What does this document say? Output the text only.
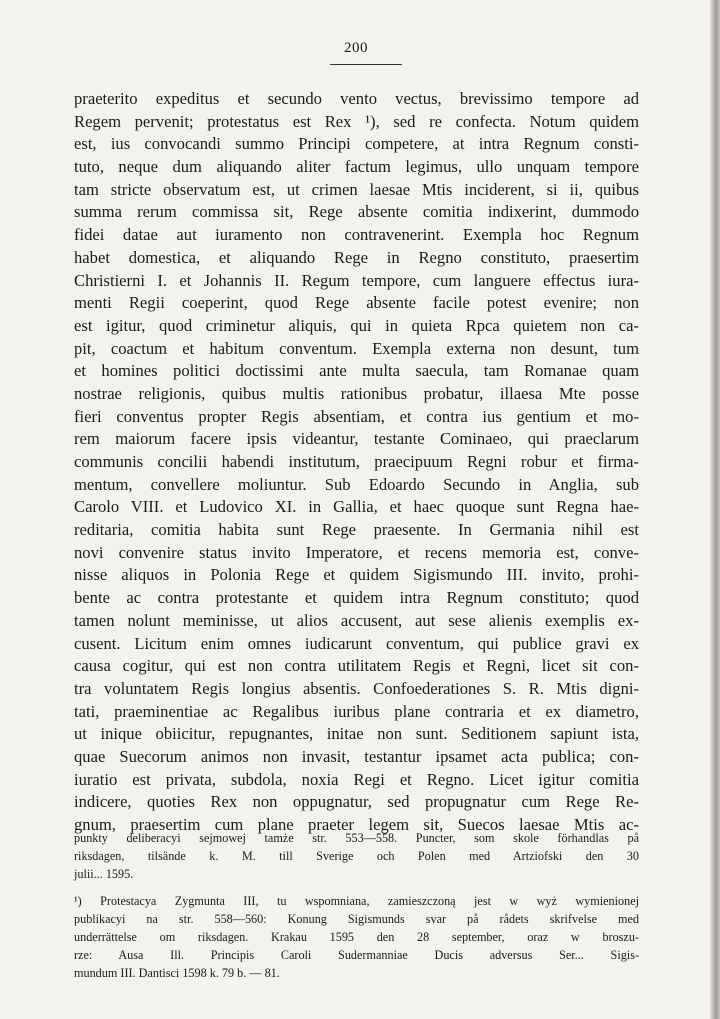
200
praeterito expeditus et secundo vento vectus, brevissimo tempore ad
Regem pervenit; protestatus est Rex ¹), sed re confecta. Notum quidem
est, ius convocandi summo Principi competere, at intra Regnum consti-
tuto, neque dum aliquando aliter factum legimus, ullo unquam tempore
tam stricte observatum est, ut crimen laesae Mtis inciderent, si ii, quibus
summa rerum commissa sit, Rege absente comitia indixerint, dummodo
fidei datae aut iuramento non contravenerint. Exempla hoc Regnum
habet domestica, et aliquando Rege in Regno constituto, praesertim
Christierni I. et Johannis II. Regum tempore, cum languere effectus iura-
menti Regii coeperint, quod Rege absente facile potest evenire; non
est igitur, quod criminetur aliquis, qui in quieta Rpca quietem non ca-
pit, coactum et habitum conventum. Exempla externa non desunt, tum
et homines politici doctissimi ante multa saecula, tam Romanae quam
nostrae religionis, quibus multis rationibus probatur, illaesa Mte posse
fieri conventus propter Regis absentiam, et contra ius gentium et mo-
rem maiorum facere ipsis videantur, testante Cominaeo, qui praeclarum
communis concilii habendi institutum, praecipuum Regni robur et firma-
mentum, convellere moliuntur. Sub Edoardo Secundo in Anglia, sub
Carolo VIII. et Ludovico XI. in Gallia, et haec quoque sunt Regna hae-
reditaria, comitia habita sunt Rege praesente. In Germania nihil est
novi convenire status invito Imperatore, et recens memoria est, conve-
nisse aliquos in Polonia Rege et quidem Sigismundo III. invito, prohi-
bente ac contra protestante et quidem intra Regnum constituto; quod
tamen nolunt meminisse, ut alios accusent, aut sese alienis exemplis ex-
cusent. Licitum enim omnes iudicarunt conventum, qui publice gravi ex
causa cogitur, qui est non contra utilitatem Regis et Regni, licet sit con-
tra voluntatem Regis longius absentis. Confoederationes S. R. Mtis digni-
tati, praeminentiae ac Regalibus iuribus plane contraria et ex diametro,
ut inique obiicitur, repugnantes, initae non sunt. Seditionem sapiunt ista,
quae Suecorum animos non invasit, testantur ipsamet acta publica; con-
iuratio est privata, subdola, noxia Regi et Regno. Licet igitur comitia
indicere, quoties Rex non oppugnatur, sed propugnatur cum Rege Re-
gnum, praesertim cum plane praeter legem sit, Suecos laesae Mtis ac-
punkty deliberacyi sejmowej tamże str. 553—558. Puncter, som skole förhandlas på
riksdagen, tilsände k. M. till Sverige och Polen med Artziofski den 30
julii... 1595.
¹) Protestacya Zygmunta III, tu wspomniana, zamieszczoną jest w wyż wymienionej
publikacyi na str. 558—560: Konung Sigismunds svar på rådets skrifvelse med
underrättelse om riksdagen. Krakau 1595 den 28 september, oraz w broszu-
rze: Ausa Ill. Principis Caroli Sudermanniae Ducis adversus Ser... Sigis-
mundum III. Dantisci 1598 k. 79 b. — 81.
